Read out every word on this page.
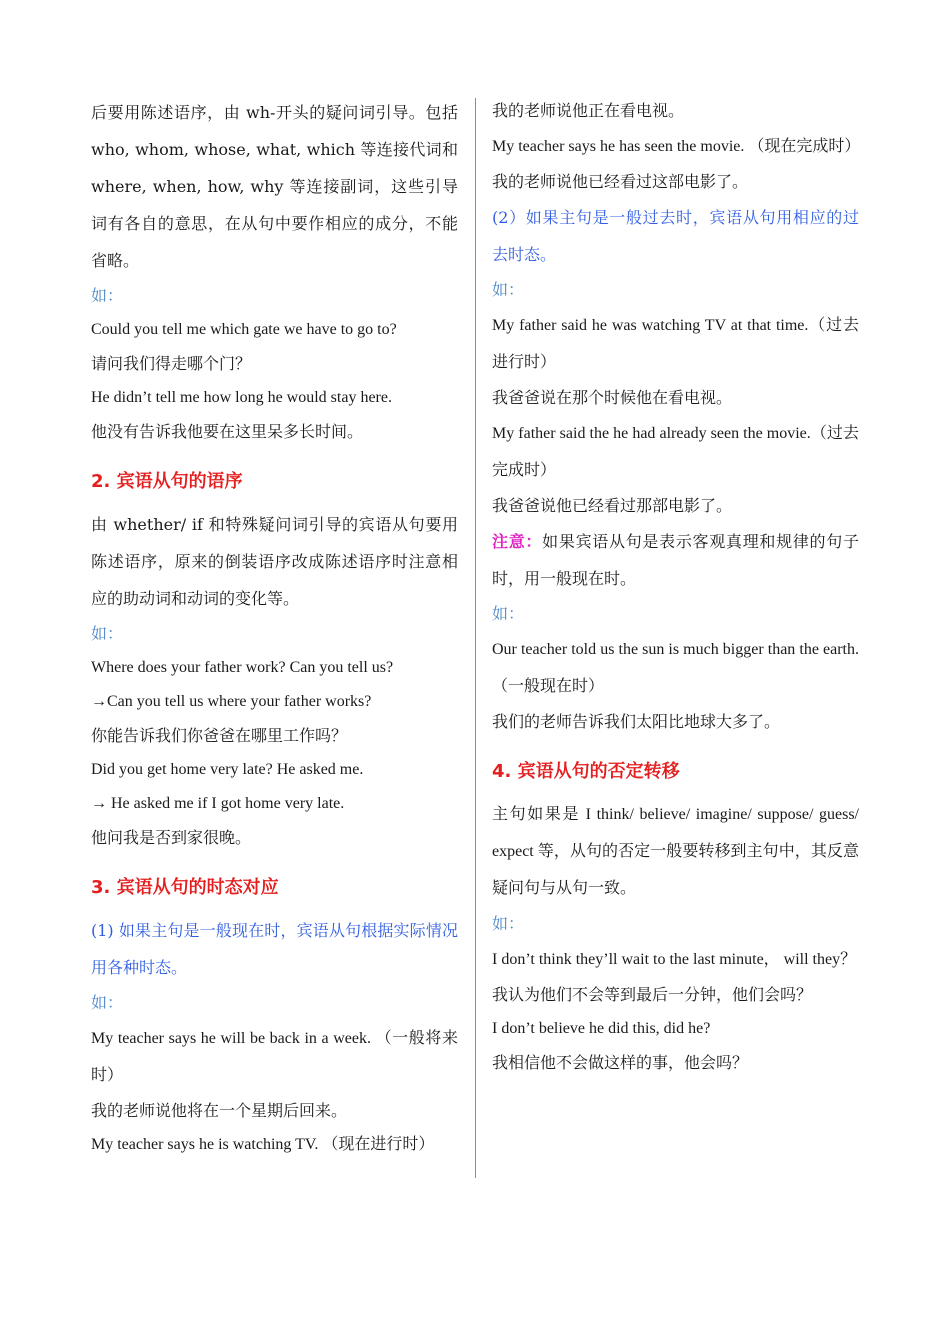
后要用陈述语序，由 wh-开头的疑问词引导。包括 who, whom, whose, what, which 等连接代词和 where, when, how, why 等连接副词，这些引导词有各自的意思，在从句中要作相应的成分，不能省略。

如：

Could you tell me which gate we have to go to?

请问我们得走哪个门？

He didn’t tell me how long he would stay here.

他没有告诉我他要在这里呆多长时间。

2. 宾语从句的语序

由 whether/ if 和特殊疑问词引导的宾语从句要用陈述语序，原来的倒装语序改成陈述语序时注意相应的助动词和动词的变化等。

如：

Where does your father work? Can you tell us?

→Can you tell us where your father works?

你能告诉我们你爸爸在哪里工作吗？

Did you get home very late? He asked me.

→ He asked me if I got home very late.

他问我是否到家很晚。

3. 宾语从句的时态对应

(1) 如果主句是一般现在时，宾语从句根据实际情况用各种时态。

如：

My teacher says he will be back in a week. （一般将来时）

我的老师说他将在一个星期后回来。

My teacher says he is watching TV. （现在进行时）

我的老师说他正在看电视。

My teacher says he has seen the movie. （现在完成时）

我的老师说他已经看过这部电影了。

(2）如果主句是一般过去时，宾语从句用相应的过去时态。

如：

My father said he was watching TV at that time.（过去进行时）

我爸爸说在那个时候他在看电视。

My father said the he had already seen the movie.（过去完成时）

我爸爸说他已经看过那部电影了。

注意：如果宾语从句是表示客观真理和规律的句子时，用一般现在时。

如：

Our teacher told us the sun is much bigger than the earth. （一般现在时）

我们的老师告诉我们太阳比地球大多了。

4. 宾语从句的否定转移

主句如果是 I think/ believe/ imagine/ suppose/ guess/ expect 等，从句的否定一般要转移到主句中，其反意疑问句与从句一致。

如：

I don’t think they’ll wait to the last minute， will they？

我认为他们不会等到最后一分钟，他们会吗？

I don’t believe he did this, did he?

我相信他不会做这样的事，他会吗？
